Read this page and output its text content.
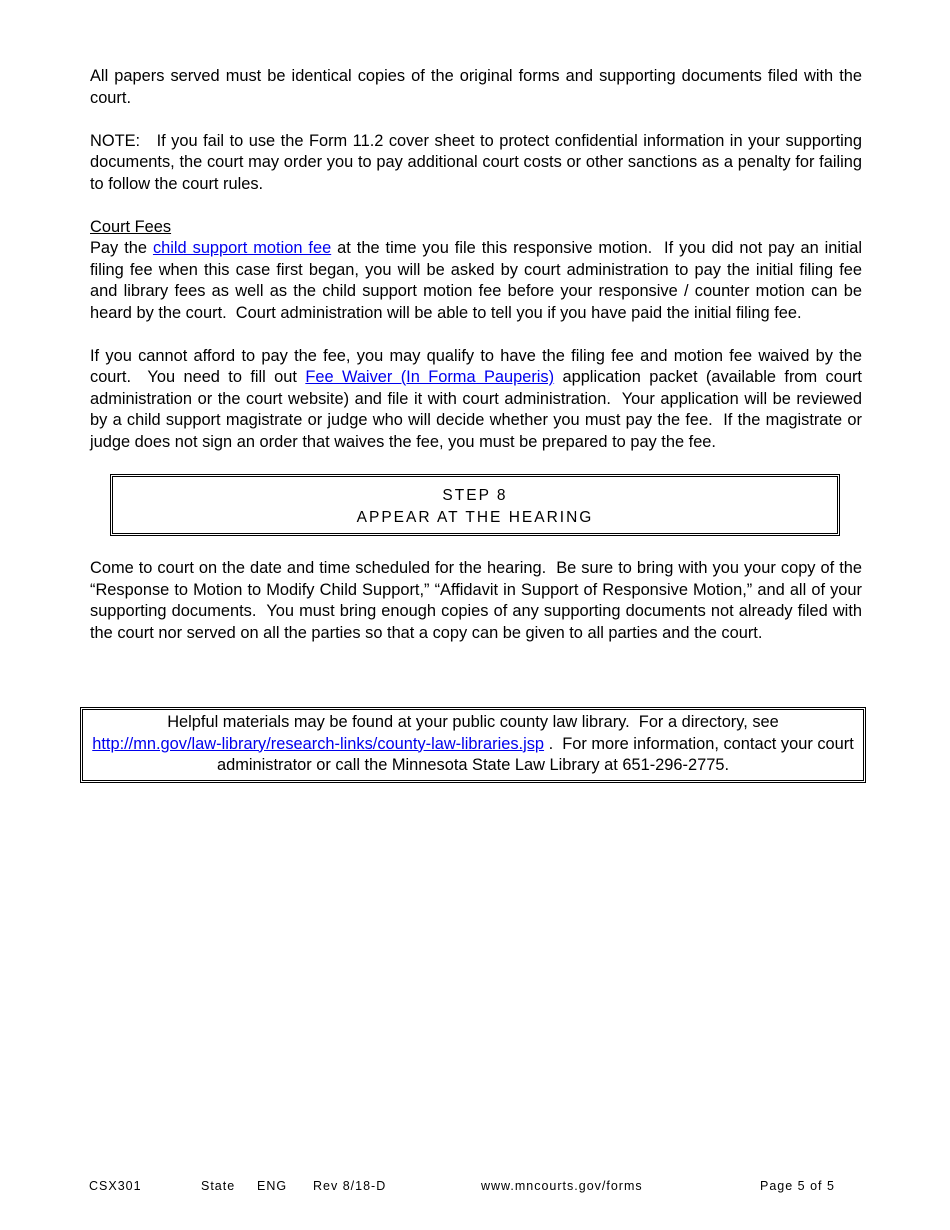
All papers served must be identical copies of the original forms and supporting documents filed with the court.

NOTE:   If you fail to use the Form 11.2 cover sheet to protect confidential information in your supporting documents, the court may order you to pay additional court costs or other sanctions as a penalty for failing to follow the court rules.

Court Fees

Pay the child support motion fee at the time you file this responsive motion.  If you did not pay an initial filing fee when this case first began, you will be asked by court administration to pay the initial filing fee and library fees as well as the child support motion fee before your responsive / counter motion can be heard by the court.  Court administration will be able to tell you if you have paid the initial filing fee.

If you cannot afford to pay the fee, you may qualify to have the filing fee and motion fee waived by the court.  You need to fill out Fee Waiver (In Forma Pauperis) application packet (available from court administration or the court website) and file it with court administration.  Your application will be reviewed by a child support magistrate or judge who will decide whether you must pay the fee.  If the magistrate or judge does not sign an order that waives the fee, you must be prepared to pay the fee.

STEP 8
APPEAR AT THE HEARING

Come to court on the date and time scheduled for the hearing.  Be sure to bring with you your copy of the “Response to Motion to Modify Child Support,” “Affidavit in Support of Responsive Motion,” and all of your supporting documents.  You must bring enough copies of any supporting documents not already filed with the court nor served on all the parties so that a copy can be given to all parties and the court.

Helpful materials may be found at your public county law library.  For a directory, see
http://mn.gov/law-library/research-links/county-law-libraries.jsp .  For more information, contact your court administrator or call the Minnesota State Law Library at 651-296-2775.
CSX301	State ENG Rev 8/18-D	www.mncourts.gov/forms	Page 5 of 5
